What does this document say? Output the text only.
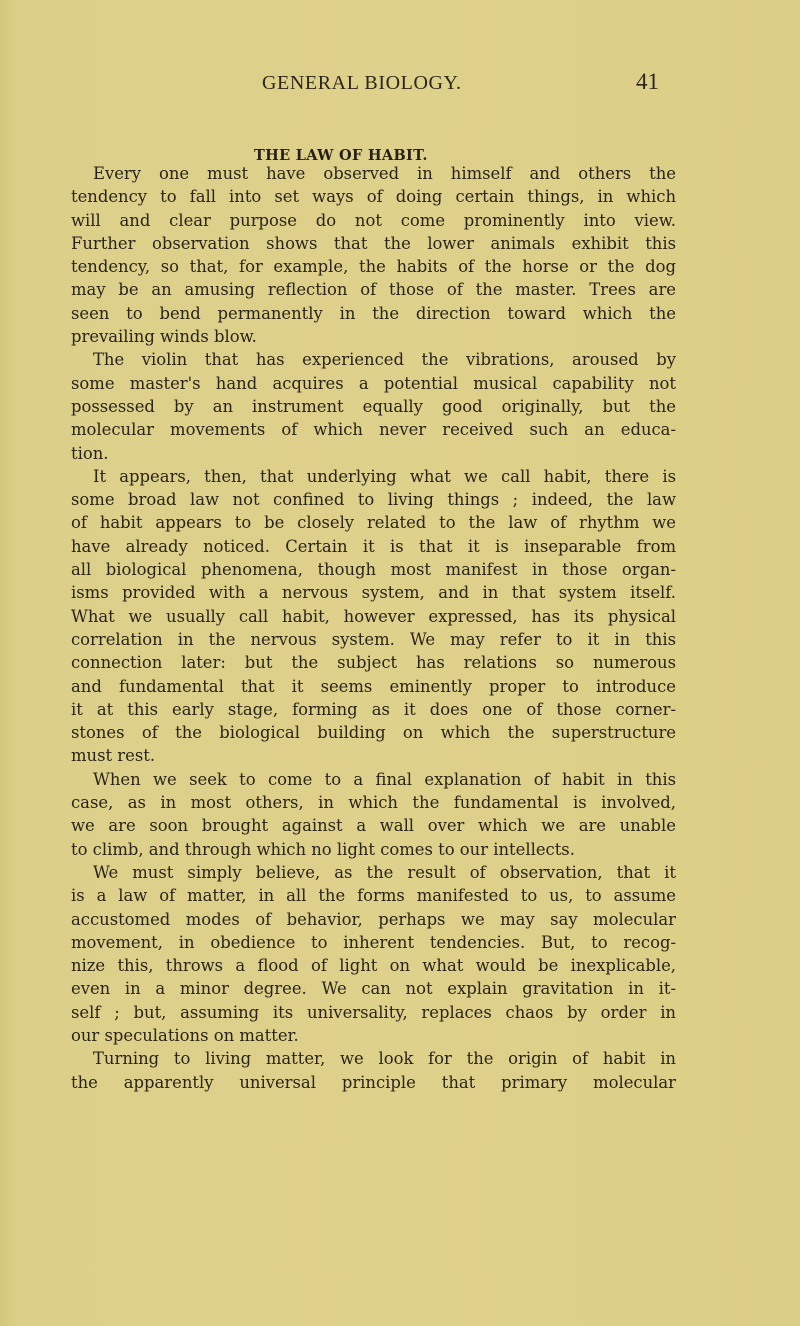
GENERAL BIOLOGY.	41
THE LAW OF HABIT.
Every one must have observed in himself and others the
tendency to fall into set ways of doing certain things, in which
will and clear purpose do not come prominently into view.
Further observation shows that the lower animals exhibit this
tendency, so that, for example, the habits of the horse or the dog
may be an amusing reflection of those of the master. Trees are
seen to bend permanently in the direction toward which the
prevailing winds blow.
The violin that has experienced the vibrations, aroused by
some master's hand acquires a potential musical capability not
possessed by an instrument equally good originally, but the
molecular movements of which never received such an educa-
tion.
It appears, then, that underlying what we call habit, there is
some broad law not confined to living things ; indeed, the law
of habit appears to be closely related to the law of rhythm we
have already noticed. Certain it is that it is inseparable from
all biological phenomena, though most manifest in those organ-
isms provided with a nervous system, and in that system itself.
What we usually call habit, however expressed, has its physical
correlation in the nervous system. We may refer to it in this
connection later: but the subject has relations so numerous
and fundamental that it seems eminently proper to introduce
it at this early stage, forming as it does one of those corner-
stones of the biological building on which the superstructure
must rest.
When we seek to come to a final explanation of habit in this
case, as in most others, in which the fundamental is involved,
we are soon brought against a wall over which we are unable
to climb, and through which no light comes to our intellects.
We must simply believe, as the result of observation, that it
is a law of matter, in all the forms manifested to us, to assume
accustomed modes of behavior, perhaps we may say molecular
movement, in obedience to inherent tendencies. But, to recog-
nize this, throws a flood of light on what would be inexplicable,
even in a minor degree. We can not explain gravitation in it-
self ; but, assuming its universality, replaces chaos by order in
our speculations on matter.
Turning to living matter, we look for the origin of habit in
the apparently universal principle that primary molecular
